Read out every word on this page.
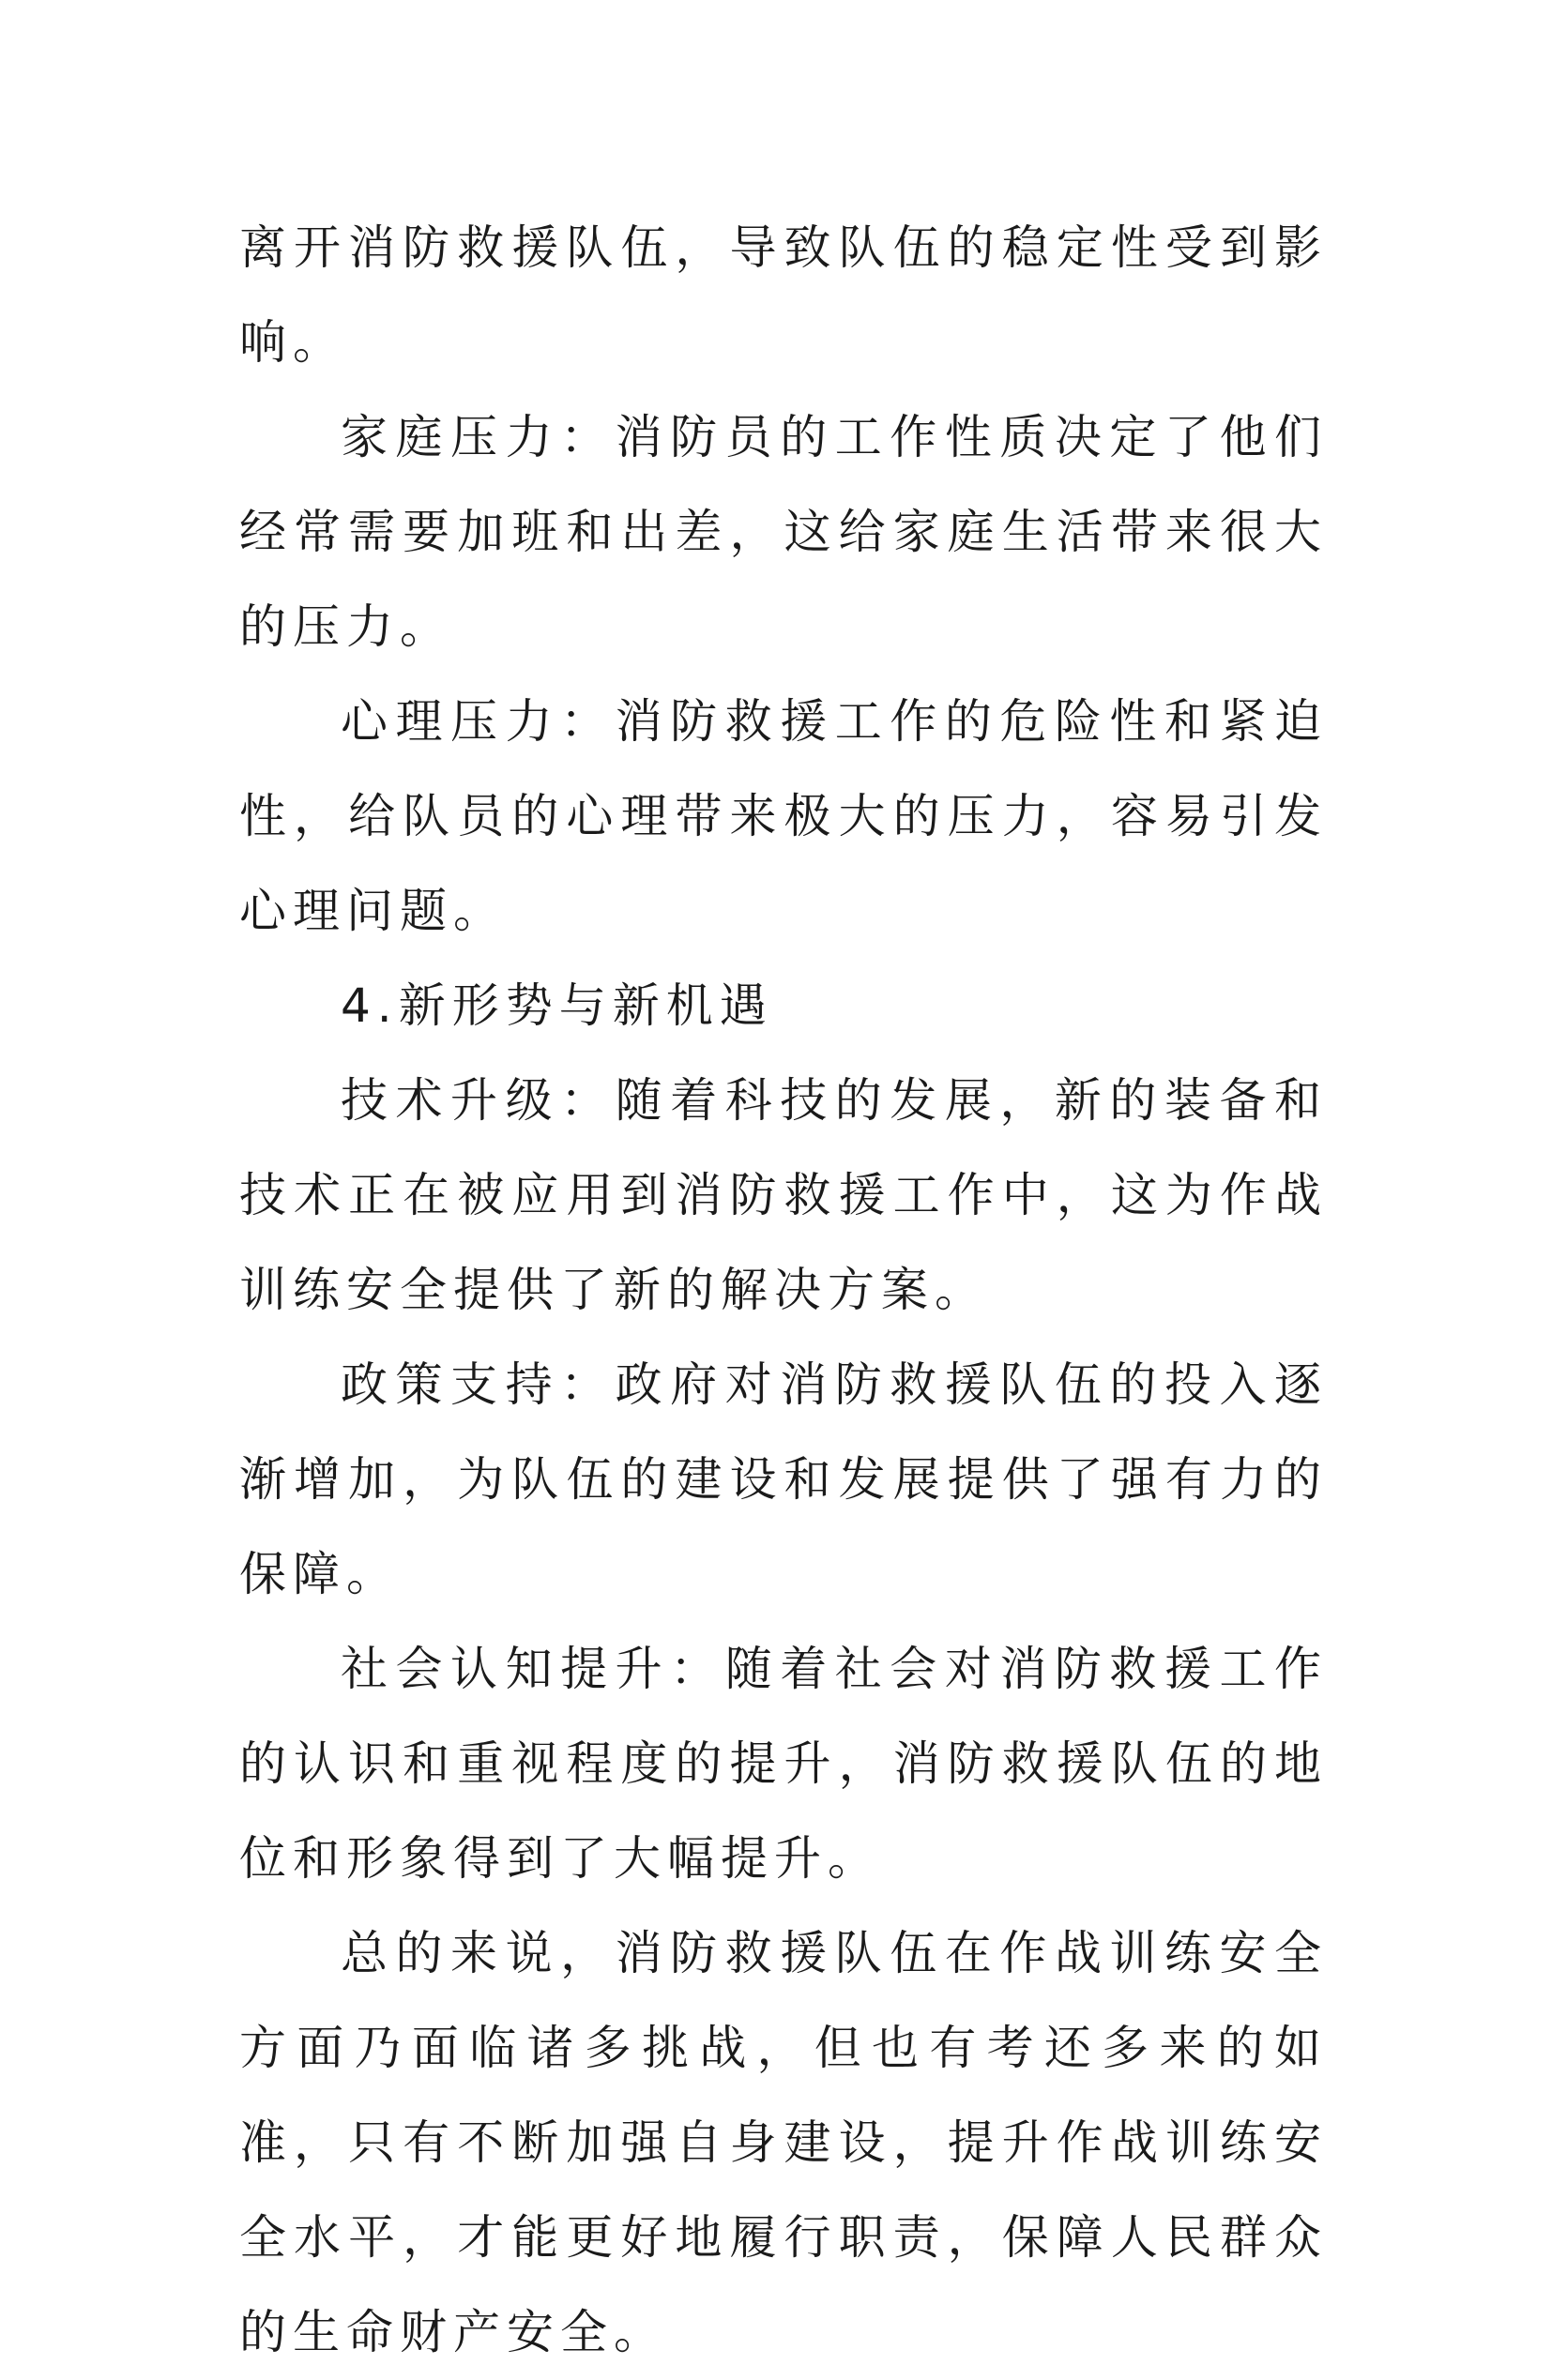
离开消防救援队伍，导致队伍的稳定性受到影响。

家庭压力：消防员的工作性质决定了他们经常需要加班和出差，这给家庭生活带来很大的压力。

心理压力：消防救援工作的危险性和紧迫性，给队员的心理带来极大的压力，容易引发心理问题。

4.新形势与新机遇

技术升级：随着科技的发展，新的装备和技术正在被应用到消防救援工作中，这为作战训练安全提供了新的解决方案。

政策支持：政府对消防救援队伍的投入逐渐增加，为队伍的建设和发展提供了强有力的保障。

社会认知提升：随着社会对消防救援工作的认识和重视程度的提升，消防救援队伍的地位和形象得到了大幅提升。

总的来说，消防救援队伍在作战训练安全方面乃面临诸多挑战，但也有考还多来的如准，只有不断加强自身建设，提升作战训练安全水平，才能更好地履行职责，保障人民群众的生命财产安全。
